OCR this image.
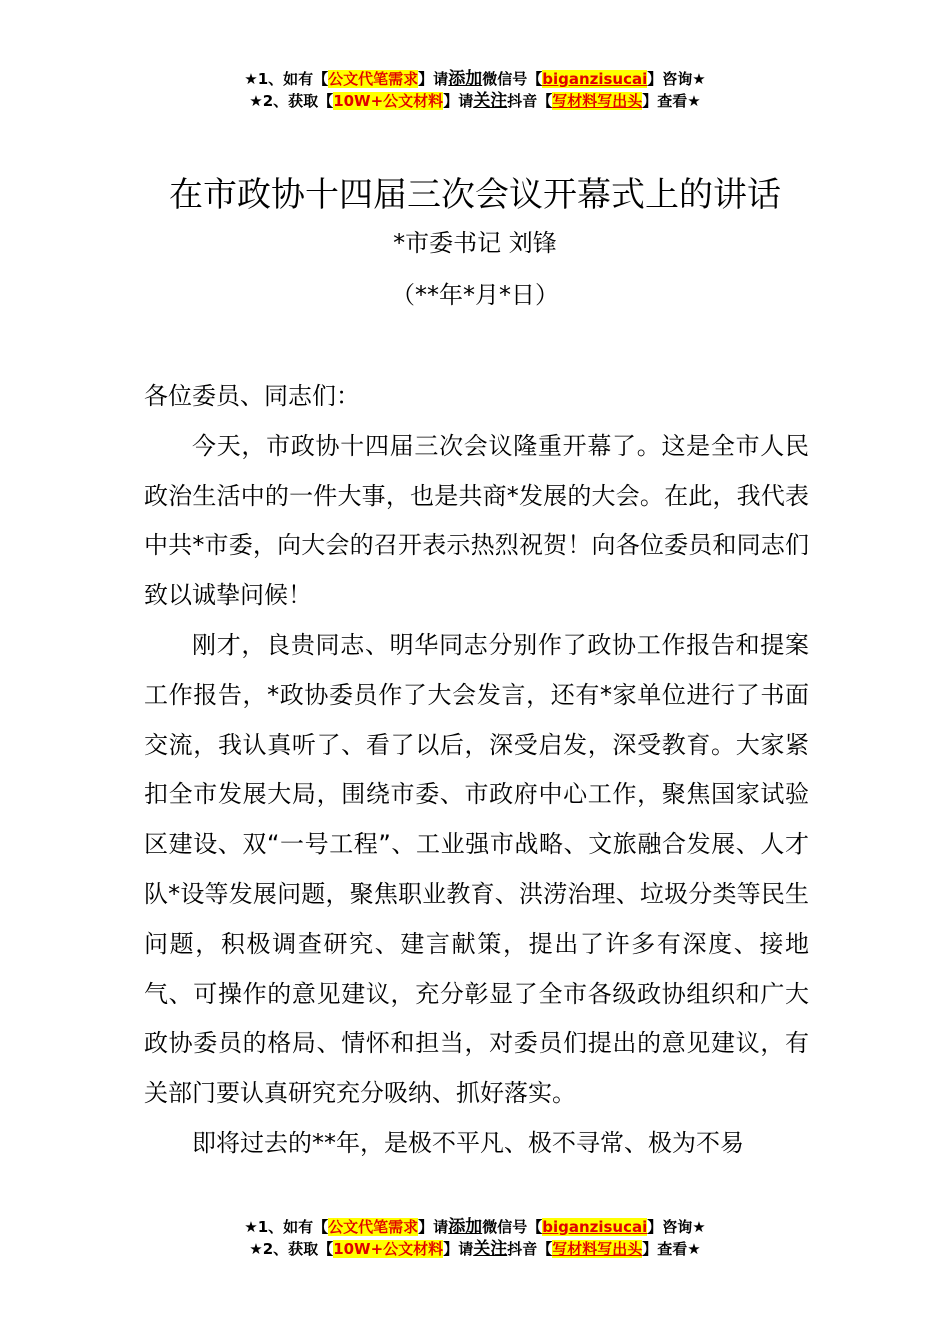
★1、如有【公文代笔需求】请添加微信号【biganzisucai】咨询★
★2、获取【10W+公文材料】请关注抖音【写材料写出头】查看★
在市政协十四届三次会议开幕式上的讲话
*市委书记 刘锋
（**年*月*日）

各位委员、同志们：

今天，市政协十四届三次会议隆重开幕了。这是全市人民政治生活中的一件大事，也是共商*发展的大会。在此，我代表中共*市委，向大会的召开表示热烈祝贺！向各位委员和同志们致以诚挚问候！

刚才，良贵同志、明华同志分别作了政协工作报告和提案工作报告，*政协委员作了大会发言，还有*家单位进行了书面交流，我认真听了、看了以后，深受启发，深受教育。大家紧扣全市发展大局，围绕市委、市政府中心工作，聚焦国家试验区建设、双“一号工程”、工业强市战略、文旅融合发展、人才队*设等发展问题，聚焦职业教育、洪涝治理、垃圾分类等民生问题，积极调查研究、建言献策，提出了许多有深度、接地气、可操作的意见建议，充分彰显了全市各级政协组织和广大政协委员的格局、情怀和担当，对委员们提出的意见建议，有关部门要认真研究充分吸纳、抓好落实。

即将过去的**年，是极不平凡、极不寻常、极为不易

★1、如有【公文代笔需求】请添加微信号【biganzisucai】咨询★
★2、获取【10W+公文材料】请关注抖音【写材料写出头】查看★
